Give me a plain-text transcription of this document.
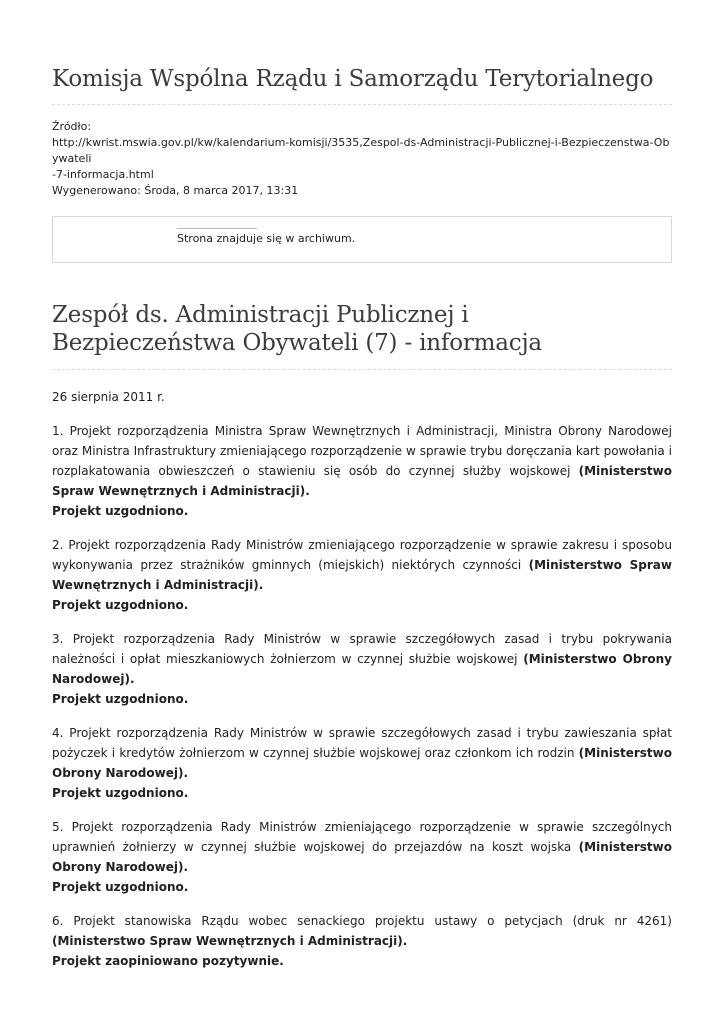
Komisja Wspólna Rządu i Samorządu Terytorialnego
Źródło:
http://kwrist.mswia.gov.pl/kw/kalendarium-komisji/3535,Zespol-ds-Administracji-Publicznej-i-Bezpieczenstwa-Obywateli
-7-informacja.html
Wygenerowano: Środa, 8 marca 2017, 13:31
Strona znajduje się w archiwum.
Zespół ds. Administracji Publicznej i
Bezpieczeństwa Obywateli (7) - informacja
26 sierpnia 2011 r.

1. Projekt rozporządzenia Ministra Spraw Wewnętrznych i Administracji, Ministra Obrony Narodowej oraz Ministra Infrastruktury zmieniającego rozporządzenie w sprawie trybu doręczania kart powołania i rozplakatowania obwieszczeń o stawieniu się osób do czynnej służby wojskowej (Ministerstwo Spraw Wewnętrznych i Administracji).
Projekt uzgodniono.

2. Projekt rozporządzenia Rady Ministrów zmieniającego rozporządzenie w sprawie zakresu i sposobu wykonywania przez strażników gminnych (miejskich) niektórych czynności (Ministerstwo Spraw Wewnętrznych i Administracji).
Projekt uzgodniono.

3. Projekt rozporządzenia Rady Ministrów w sprawie szczegółowych zasad i trybu pokrywania należności i opłat mieszkaniowych żołnierzom w czynnej służbie wojskowej (Ministerstwo Obrony Narodowej).
Projekt uzgodniono.

4. Projekt rozporządzenia Rady Ministrów w sprawie szczegółowych zasad i trybu zawieszania spłat pożyczek i kredytów żołnierzom w czynnej służbie wojskowej oraz członkom ich rodzin (Ministerstwo Obrony Narodowej).
Projekt uzgodniono.

5. Projekt rozporządzenia Rady Ministrów zmieniającego rozporządzenie w sprawie szczególnych uprawnień żołnierzy w czynnej służbie wojskowej do przejazdów na koszt wojska (Ministerstwo Obrony Narodowej).
Projekt uzgodniono.

6. Projekt stanowiska Rządu wobec senackiego projektu ustawy o petycjach (druk nr 4261) (Ministerstwo Spraw Wewnętrznych i Administracji).
Projekt zaopiniowano pozytywnie.
